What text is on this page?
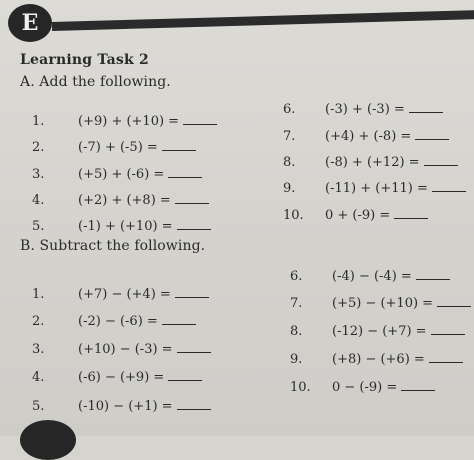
E
Learning Task 2
A. Add the following.
1.	(+9) + (+10) =
2.	(-7) + (-5) =
3.	(+5) + (-6) =
4.	(+2) + (+8) =
5.	(-1) + (+10) =
6.	(-3) + (-3) =
7.	(+4) + (-8) =
8.	(-8) + (+12) =
9.	(-11) + (+11) =
10.	0 + (-9) =
B. Subtract the following.
1.	(+7) − (+4) =
2.	(-2) − (-6) =
3.	(+10) − (-3) =
4.	(-6) − (+9) =
5.	(-10) − (+1) =
6.	(-4) − (-4) =
7.	(+5) − (+10) =
8.	(-12) − (+7) =
9.	(+8) − (+6) =
10.	0 − (-9) =
